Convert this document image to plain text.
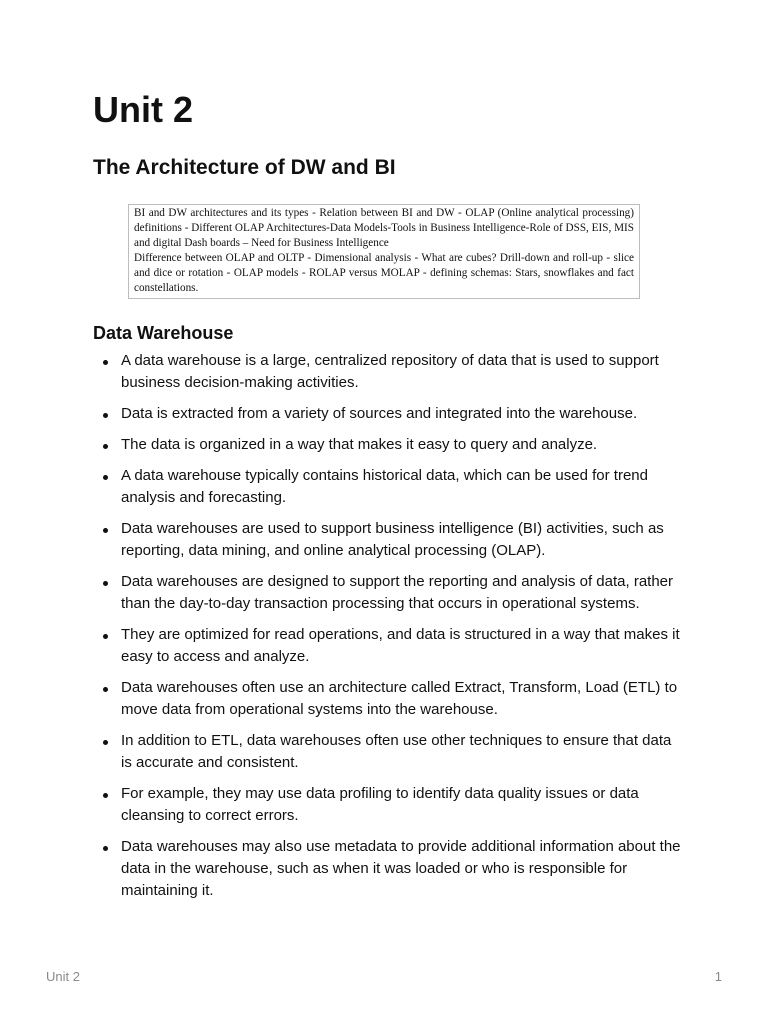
Unit 2
The Architecture of DW and BI

BI and DW architectures and its types - Relation between BI and DW - OLAP (Online analytical processing) definitions - Different OLAP Architectures-Data Models-Tools in Business Intelligence-Role of DSS, EIS, MIS and digital Dash boards – Need for Business Intelligence

Difference between OLAP and OLTP - Dimensional analysis - What are cubes? Drill-down and roll-up - slice and dice or rotation - OLAP models - ROLAP versus MOLAP - defining schemas: Stars, snowflakes and fact constellations.

Data Warehouse
A data warehouse is a large, centralized repository of data that is used to support business decision-making activities.
Data is extracted from a variety of sources and integrated into the warehouse.
The data is organized in a way that makes it easy to query and analyze.
A data warehouse typically contains historical data, which can be used for trend analysis and forecasting.
Data warehouses are used to support business intelligence (BI) activities, such as reporting, data mining, and online analytical processing (OLAP).
Data warehouses are designed to support the reporting and analysis of data, rather than the day-to-day transaction processing that occurs in operational systems.
They are optimized for read operations, and data is structured in a way that makes it easy to access and analyze.
Data warehouses often use an architecture called Extract, Transform, Load (ETL) to move data from operational systems into the warehouse.
In addition to ETL, data warehouses often use other techniques to ensure that data is accurate and consistent.
For example, they may use data profiling to identify data quality issues or data cleansing to correct errors.
Data warehouses may also use metadata to provide additional information about the data in the warehouse, such as when it was loaded or who is responsible for maintaining it.
Unit 2	1
